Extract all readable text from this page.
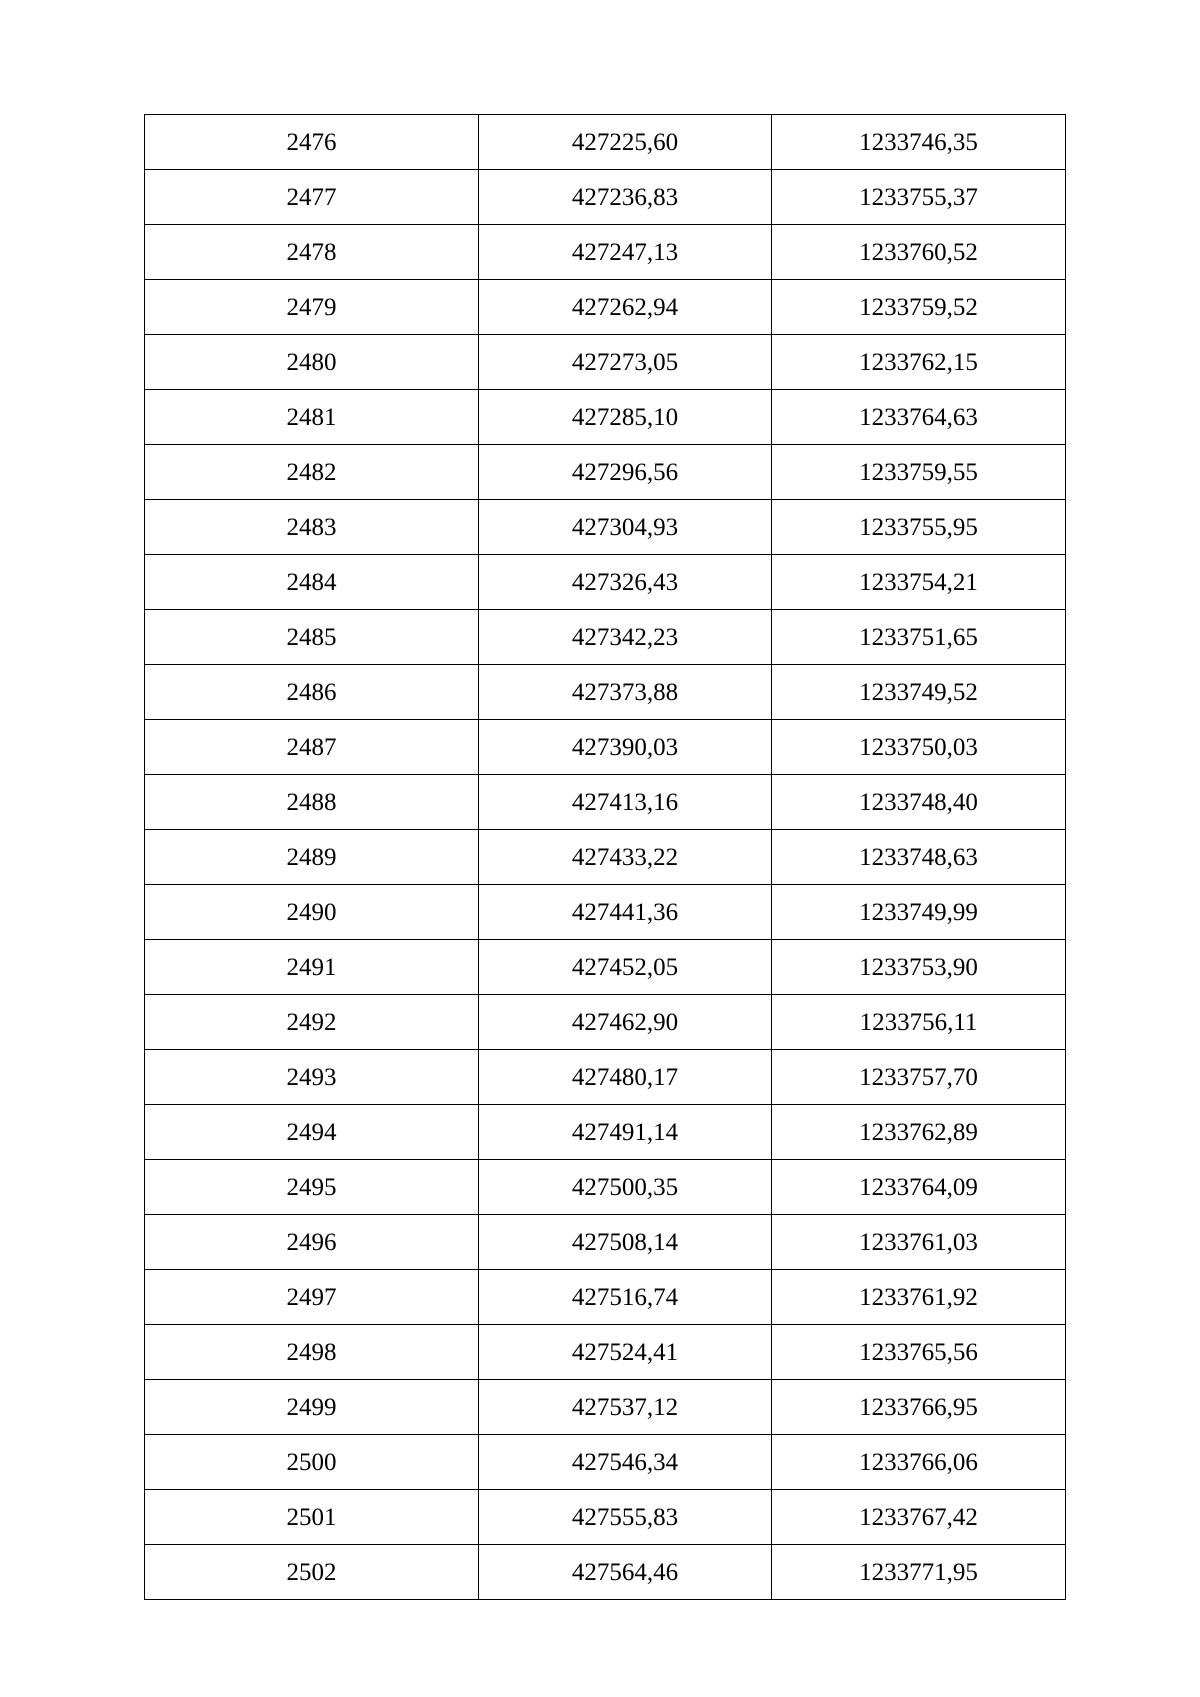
2476	427225,60	1233746,35
2477	427236,83	1233755,37
2478	427247,13	1233760,52
2479	427262,94	1233759,52
2480	427273,05	1233762,15
2481	427285,10	1233764,63
2482	427296,56	1233759,55
2483	427304,93	1233755,95
2484	427326,43	1233754,21
2485	427342,23	1233751,65
2486	427373,88	1233749,52
2487	427390,03	1233750,03
2488	427413,16	1233748,40
2489	427433,22	1233748,63
2490	427441,36	1233749,99
2491	427452,05	1233753,90
2492	427462,90	1233756,11
2493	427480,17	1233757,70
2494	427491,14	1233762,89
2495	427500,35	1233764,09
2496	427508,14	1233761,03
2497	427516,74	1233761,92
2498	427524,41	1233765,56
2499	427537,12	1233766,95
2500	427546,34	1233766,06
2501	427555,83	1233767,42
2502	427564,46	1233771,95
